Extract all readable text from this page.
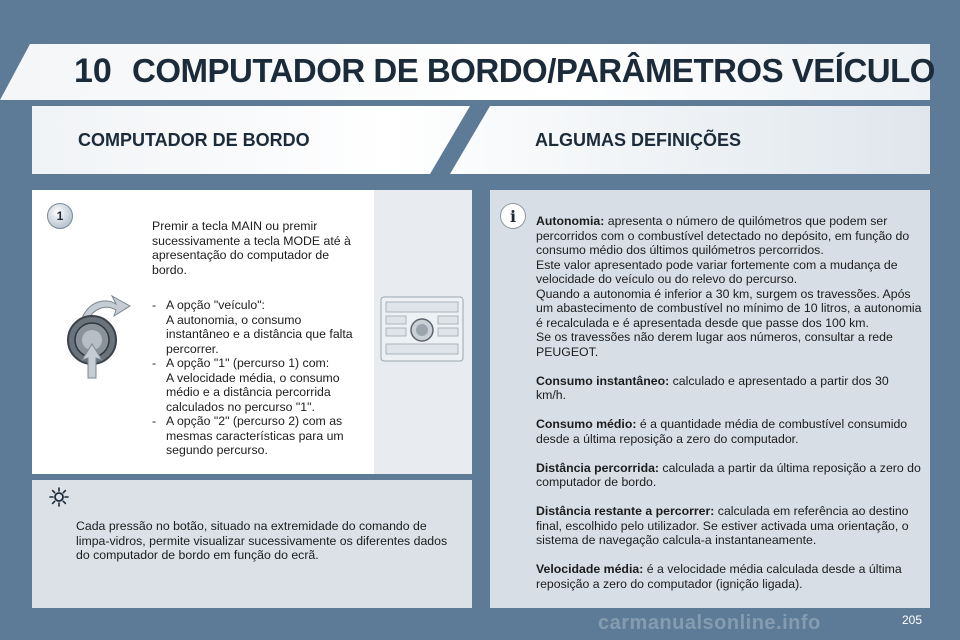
10 COMPUTADOR DE BORDO/PARÂMETROS VEÍCULO
COMPUTADOR DE BORDO	ALGUMAS DEFINIÇÕES
1
Premir a tecla MAIN ou premir sucessivamente a tecla MODE até à apresentação do computador de bordo.
- A opção "veículo":
A autonomia, o consumo instantâneo e a distância que falta percorrer.
- A opção "1" (percurso 1) com:
A velocidade média, o consumo médio e a distância percorrida calculados no percurso "1".
- A opção "2" (percurso 2) com as
mesmas características para um segundo percurso.
Cada pressão no botão, situado na extremidade do comando de limpa-vidros, permite visualizar sucessivamente os diferentes dados do computador de bordo em função do ecrã.
i	Autonomia: apresenta o número de quilómetros que podem ser percorridos com o combustível detectado no depósito, em função do consumo médio dos últimos quilómetros percorridos.
Este valor apresentado pode variar fortemente com a mudança de velocidade do veículo ou do relevo do percurso.
Quando a autonomia é inferior a 30 km, surgem os travessões. Após um abastecimento de combustível no mínimo de 10 litros, a autonomia é recalculada e é apresentada desde que passe dos 100 km.
Se os travessões não derem lugar aos números, consultar a rede PEUGEOT.
Consumo instantâneo: calculado e apresentado a partir dos 30 km/h.
Consumo médio: é a quantidade média de combustível consumido desde a última reposição a zero do computador.
Distância percorrida: calculada a partir da última reposição a zero do computador de bordo.
Distância restante a percorrer: calculada em referência ao destino final, escolhido pelo utilizador. Se estiver activada uma orientação, o sistema de navegação calcula-a instantaneamente.
Velocidade média: é a velocidade média calculada desde a última reposição a zero do computador (ignição ligada).
carmanualsonline.info	205
